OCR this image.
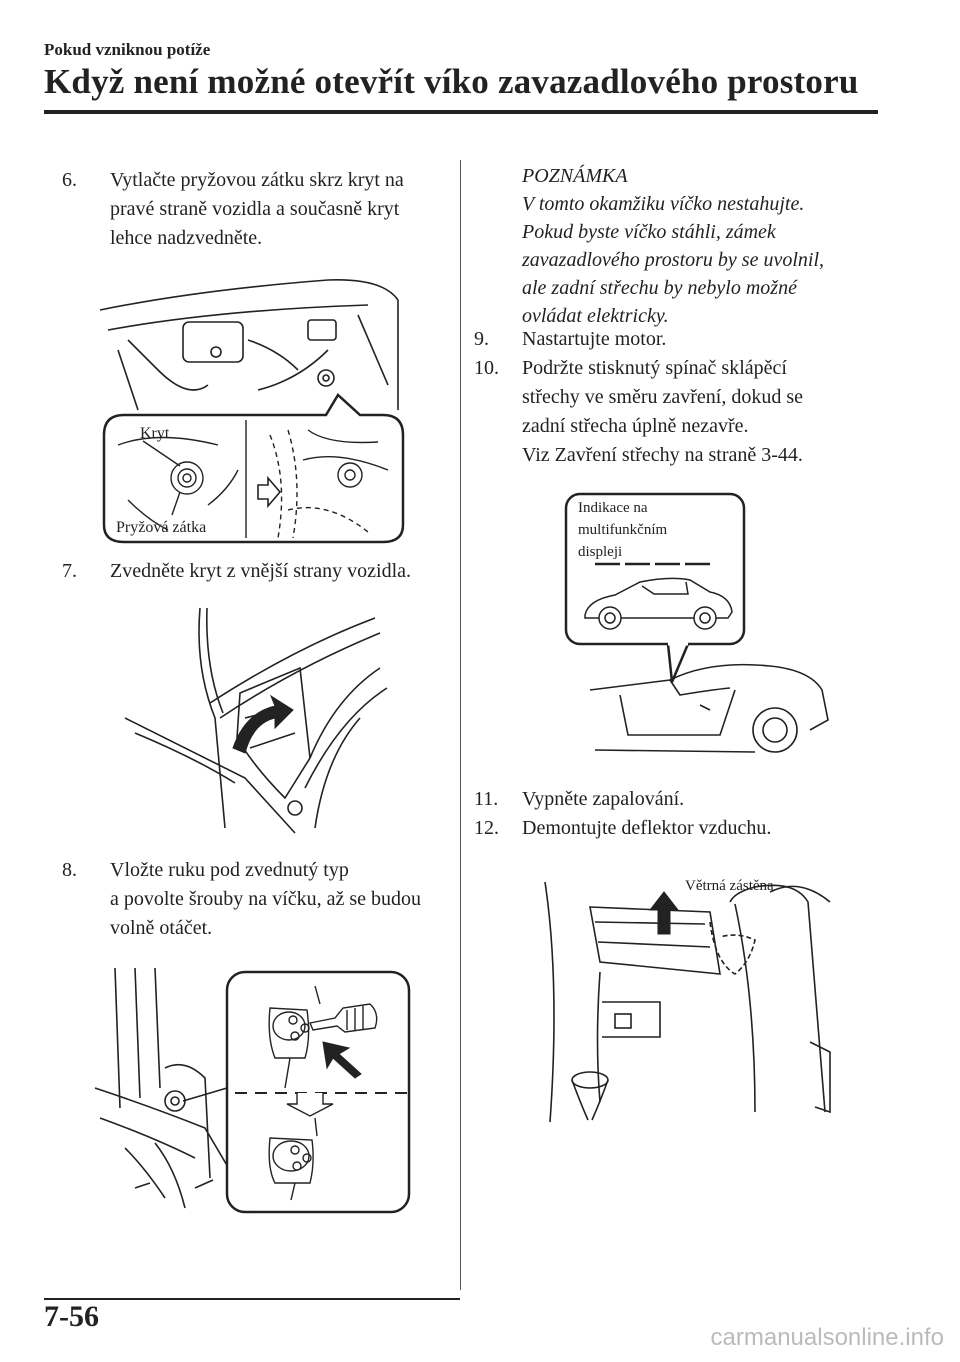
Pokud vzniknou potíže
Když není možné otevřít víko zavazadlového prostoru
6. Vytlačte pryžovou zátku skrz kryt na
pravé straně vozidla a současně kryt
lehce nadzvedněte.
Kryt
Pryžová zátka
7. Zvedněte kryt z vnější strany vozidla.
8. Vložte ruku pod zvednutý typ
a povolte šrouby na víčku, až se budou
volně otáčet.
POZNÁMKA
V tomto okamžiku víčko nestahujte.
Pokud byste víčko stáhli, zámek
zavazadlového prostoru by se uvolnil,
ale zadní střechu by nebylo možné
ovládat elektricky.
9. Nastartujte motor.
10. Podržte stisknutý spínač sklápěcí
střechy ve směru zavření, dokud se
zadní střecha úplně nezavře.
Viz Zavření střechy na straně 3-44.
Indikace na
multifunkčním
displeji
11. Vypněte zapalování.
12. Demontujte deflektor vzduchu.
Větrná zástěna
7-56
carmanualsonline.info
